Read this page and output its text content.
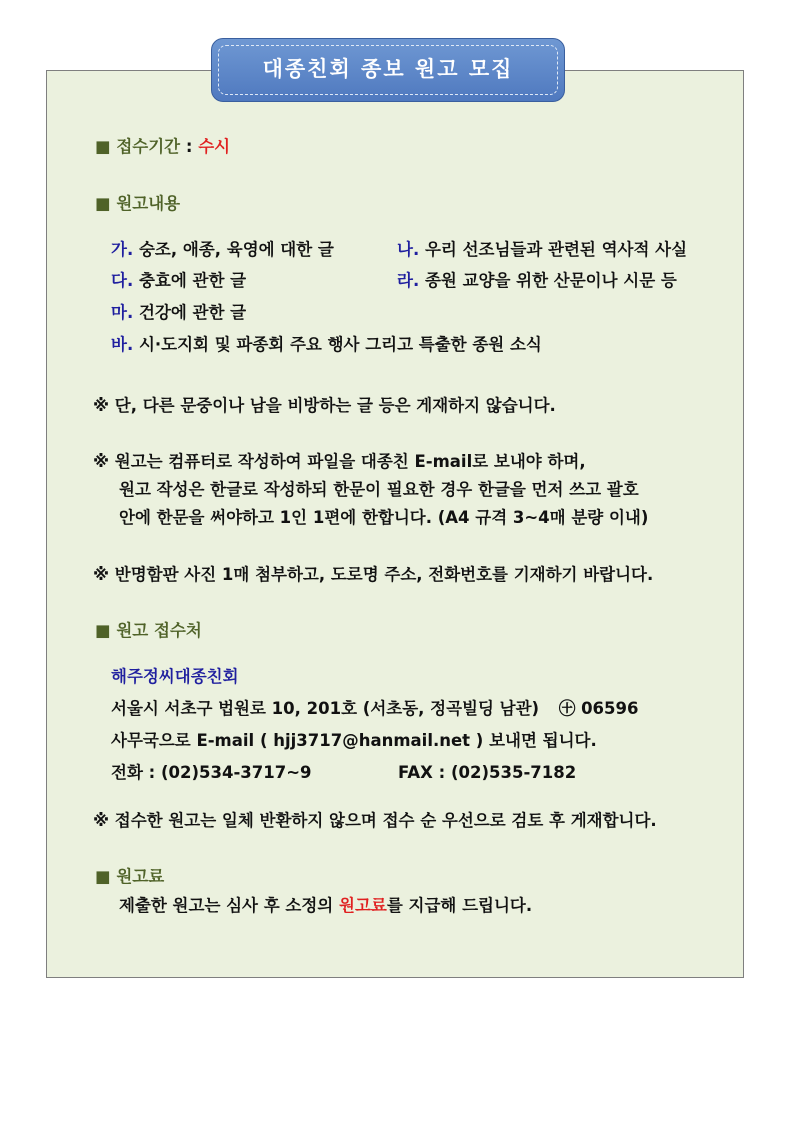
대종친회 종보 원고 모집
■ 접수기간 : 수시
■ 원고내용
가. 숭조, 애종, 육영에 대한 글	나. 우리 선조님들과 관련된 역사적 사실
다. 충효에 관한 글	라. 종원 교양을 위한 산문이나 시문 등
마. 건강에 관한 글
바. 시·도지회 및 파종회 주요 행사 그리고 특출한 종원 소식
※ 단, 다른 문중이나 남을 비방하는 글 등은 게재하지 않습니다.
※ 원고는 컴퓨터로 작성하여 파일을 대종친 E-mail로 보내야 하며,
원고 작성은 한글로 작성하되 한문이 필요한 경우 한글을 먼저 쓰고 괄호
안에 한문을 써야하고 1인 1편에 한합니다. (A4 규격 3~4매 분량 이내)
※ 반명함판 사진 1매 첨부하고, 도로명 주소, 전화번호를 기재하기 바랍니다.
■ 원고 접수처
해주정씨대종친회
서울시 서초구 법원로 10, 201호 (서초동, 정곡빌딩 남관) ㊉ 06596
사무국으로 E-mail ( hjj3717@hanmail.net ) 보내면 됩니다.
전화 : (02)534-3717~9	FAX : (02)535-7182
※ 접수한 원고는 일체 반환하지 않으며 접수 순 우선으로 검토 후 게재합니다.
■ 원고료
제출한 원고는 심사 후 소정의 원고료를 지급해 드립니다.
